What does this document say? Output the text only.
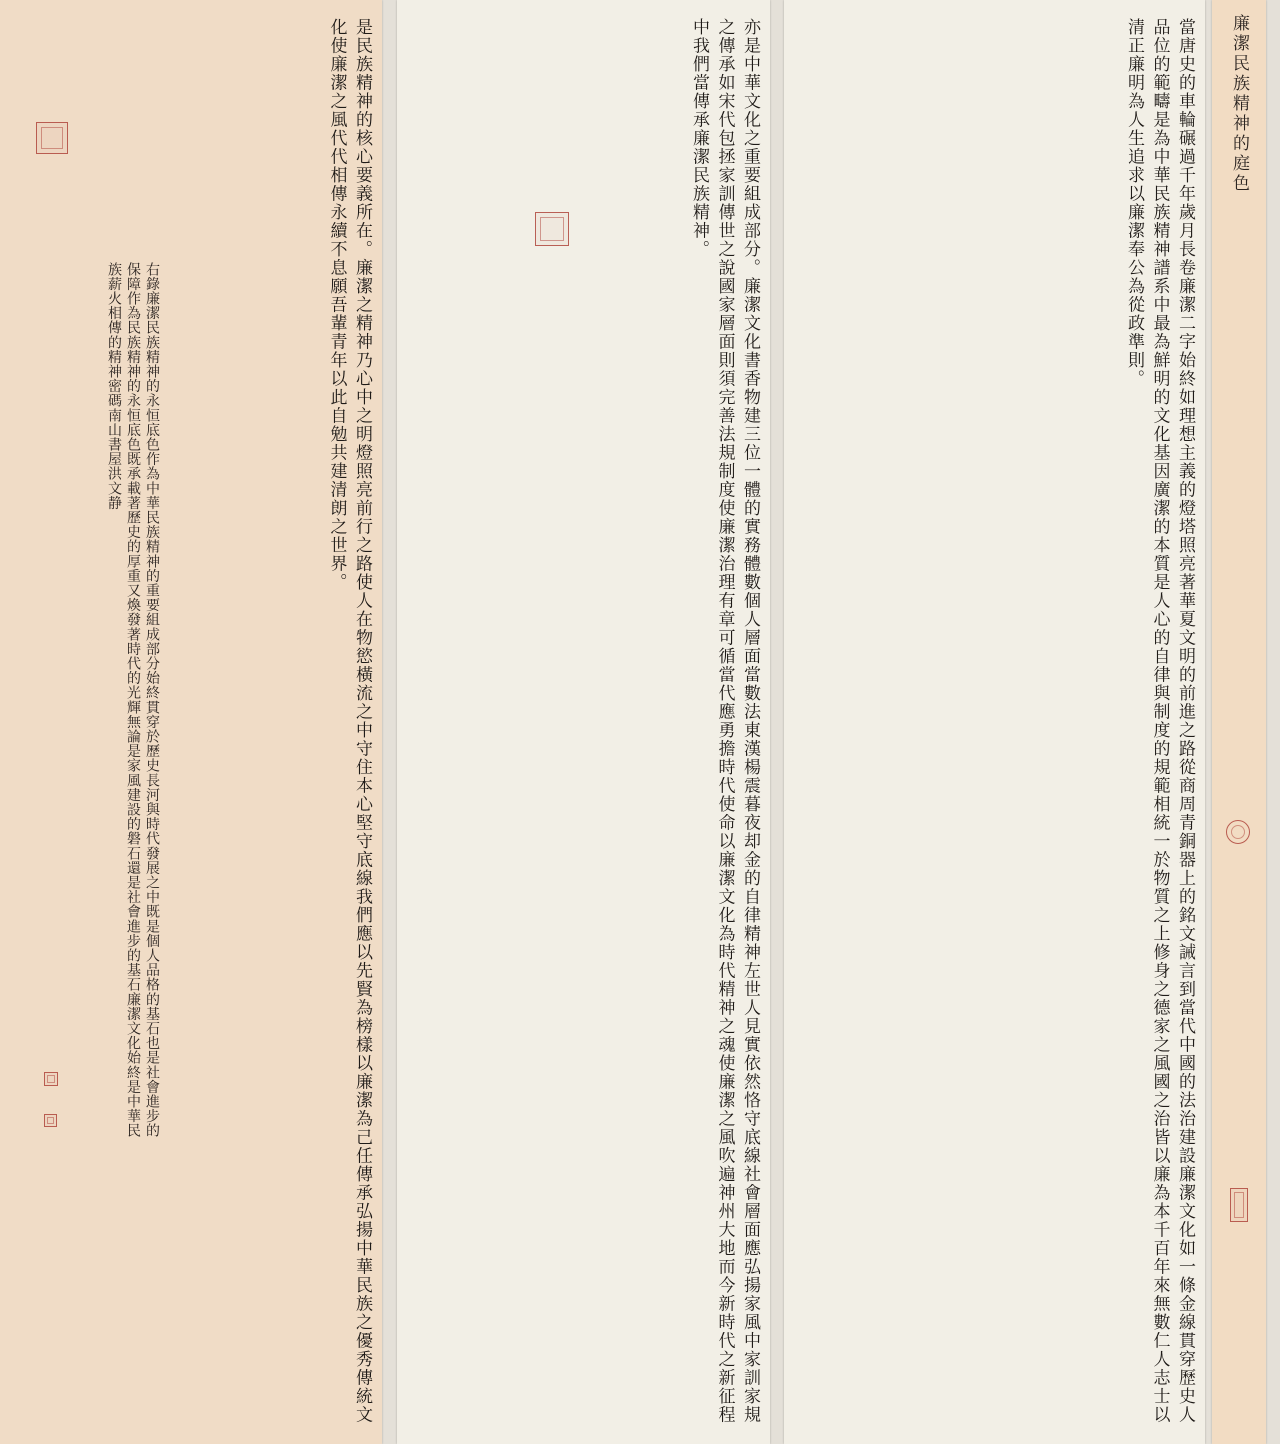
右錄廉潔民族精神的永恒底色作為中華民族精神的重要組成部分始終貫穿於歷史長河與時代發展之中既是個人品格的基石也是社會進步的保障作為民族精神的永恒底色既承載著歷史的厚重又煥發著時代的光輝無論是家風建設的磐石還是社會進步的基石廉潔文化始終是中華民族薪火相傳的精神密碼南山書屋洪文静	是民族精神的核心要義所在。廉潔之精神乃心中之明燈照亮前行之路使人在物慾橫流之中守住本心堅守底線我們應以先賢為榜樣以廉潔為己任傳承弘揚中華民族之優秀傳統文化使廉潔之風代代相傳永續不息願吾輩青年以此自勉共建清朗之世界。	亦是中華文化之重要組成部分。廉潔文化書香物建三位一體的實務體數個人層面當數法東漢楊震暮夜却金的自律精神左世人見實依然恪守底線社會層面應弘揚家風中家訓家規之傳承如宋代包拯家訓傳世之說國家層面則須完善法規制度使廉潔治理有章可循當代應勇擔時代使命以廉潔文化為時代精神之魂使廉潔之風吹遍神州大地而今新時代之新征程中我們當傳承廉潔民族精神。	當唐史的車輪碾過千年歲月長卷廉潔二字始終如理想主義的燈塔照亮著華夏文明的前進之路從商周青銅器上的銘文誡言到當代中國的法治建設廉潔文化如一條金線貫穿歷史人品位的範疇是為中華民族精神譜系中最為鮮明的文化基因廣潔的本質是人心的自律與制度的規範相統一於物質之上修身之德家之風國之治皆以廉為本千百年來無數仁人志士以清正廉明為人生追求以廉潔奉公為從政準則。	廉潔民族精神的庭色
